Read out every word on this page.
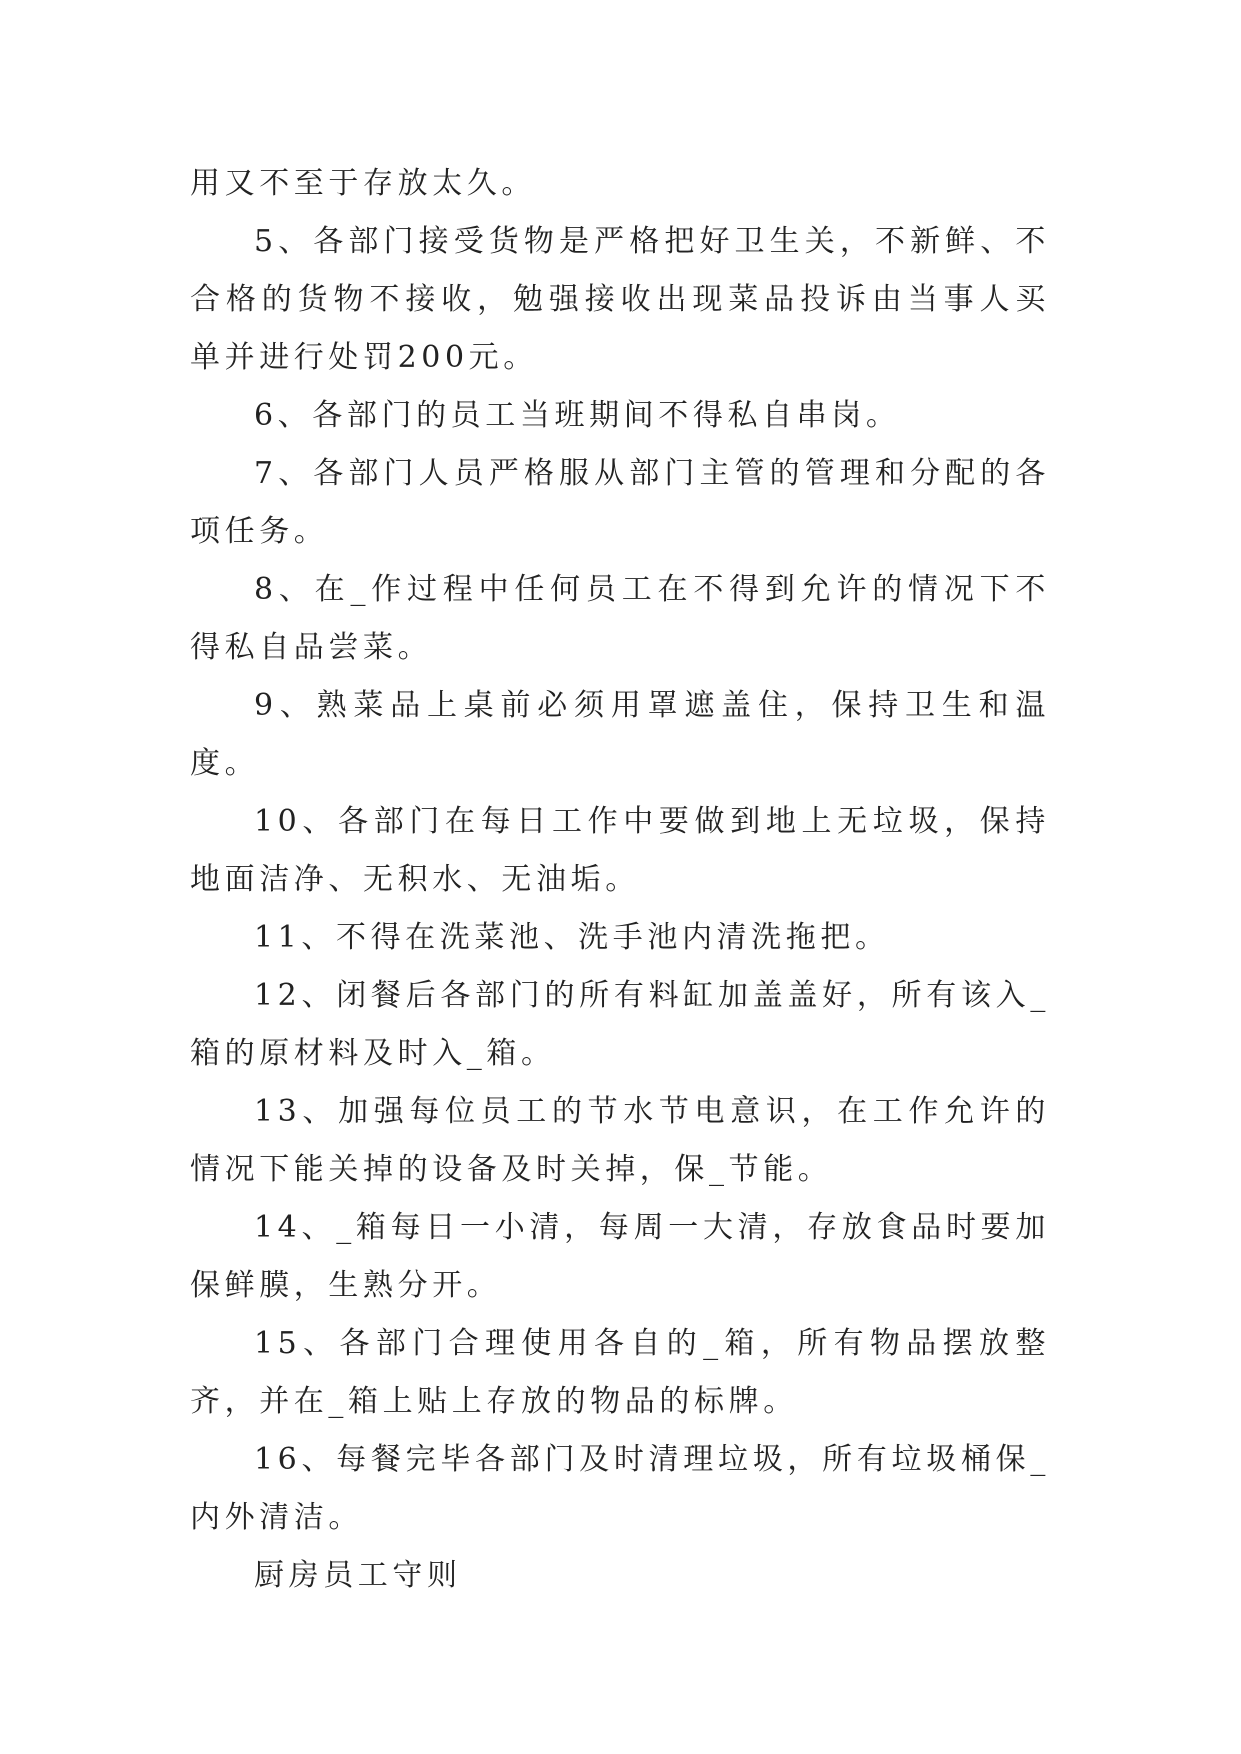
用又不至于存放太久。

5、各部门接受货物是严格把好卫生关，不新鲜、不合格的货物不接收，勉强接收出现菜品投诉由当事人买单并进行处罚200元。

6、各部门的员工当班期间不得私自串岗。

7、各部门人员严格服从部门主管的管理和分配的各项任务。

8、在_作过程中任何员工在不得到允许的情况下不得私自品尝菜。

9、熟菜品上桌前必须用罩遮盖住，保持卫生和温度。

10、各部门在每日工作中要做到地上无垃圾，保持地面洁净、无积水、无油垢。

11、不得在洗菜池、洗手池内清洗拖把。

12、闭餐后各部门的所有料缸加盖盖好，所有该入_箱的原材料及时入_箱。

13、加强每位员工的节水节电意识，在工作允许的情况下能关掉的设备及时关掉，保_节能。

14、_箱每日一小清，每周一大清，存放食品时要加保鲜膜，生熟分开。

15、各部门合理使用各自的_箱，所有物品摆放整齐，并在_箱上贴上存放的物品的标牌。

16、每餐完毕各部门及时清理垃圾，所有垃圾桶保_内外清洁。

厨房员工守则
